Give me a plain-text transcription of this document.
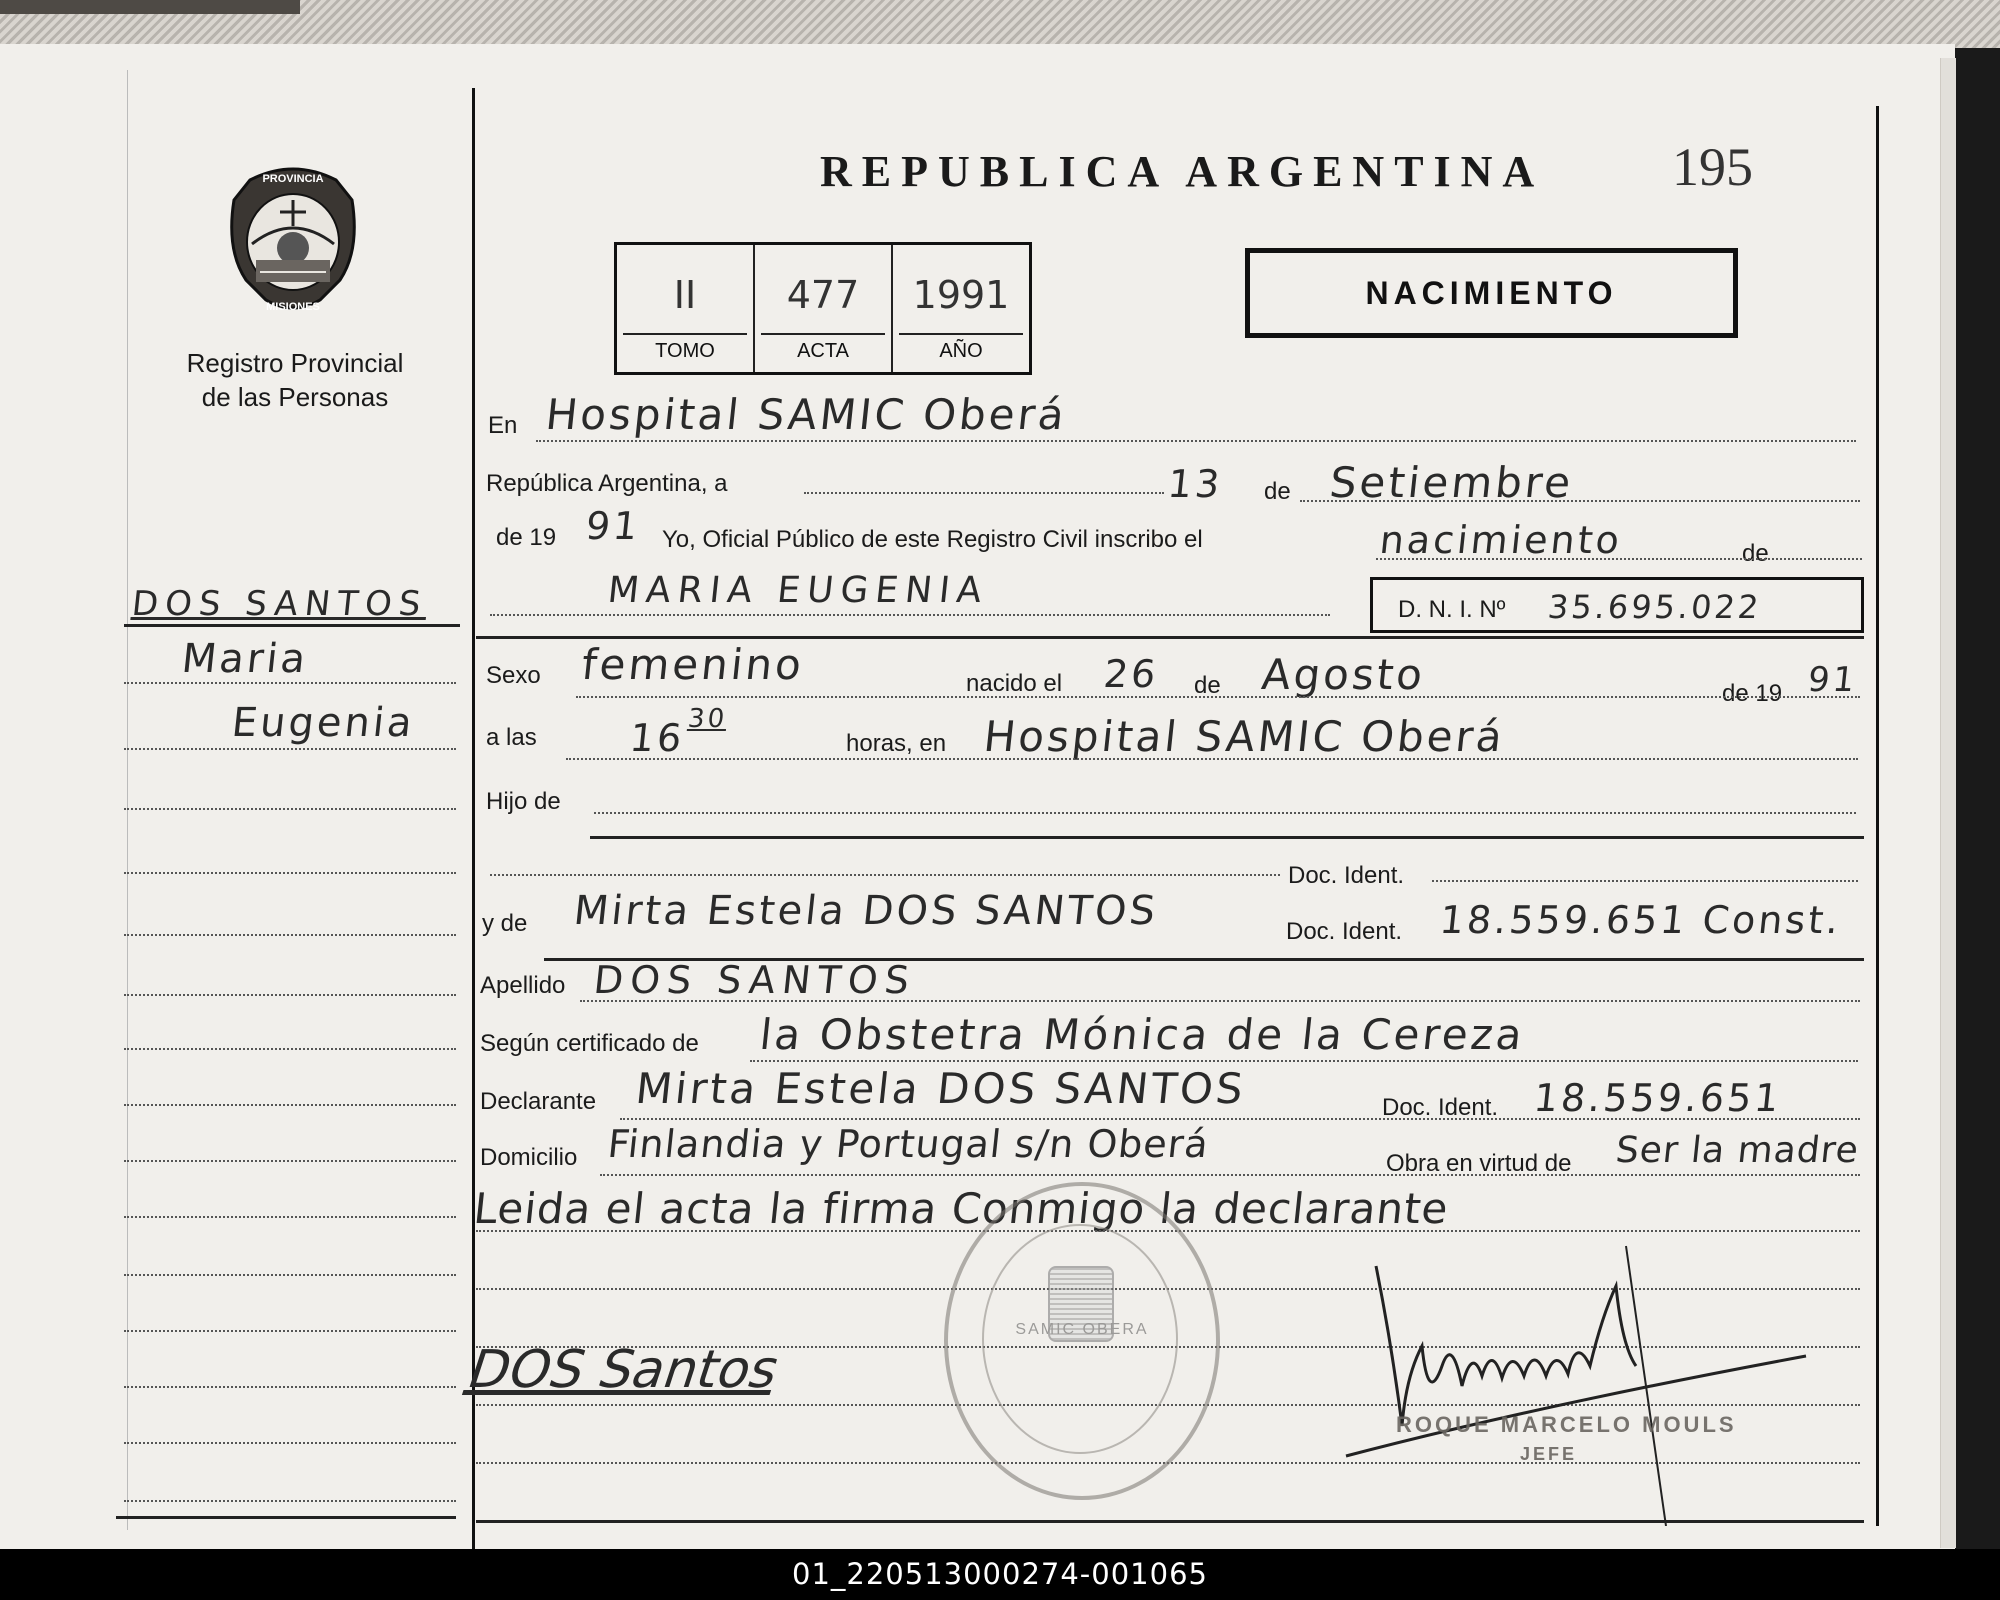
PROVINCIA
MISIONES
Registro Provincial
de las Personas
REPUBLICA ARGENTINA 195
NACIMIENTO
II
TOMO
477
ACTA
1991
AÑO
DOS SANTOS
Maria
Eugenia
En Hospital SAMIC Oberá
República Argentina, a	13 de Setiembre
de 19 91 Yo, Oficial Público de este Registro Civil inscribo el	nacimiento	de
MARIA EUGENIA	D. N. I. Nº 35.695.022
Sexo femenino	nacido el 26 de Agosto	de 19 91
a las 16 30
horas, en Hospital SAMIC Oberá
Hijo de
Doc. Ident.
y de Mirta Estela DOS SANTOS	Doc. Ident. 18.559.651 Const.
Apellido DOS SANTOS
Según certificado de la Obstetra Mónica de la Cereza
Declarante Mirta Estela DOS SANTOS	Doc. Ident. 18.559.651
Domicilio Finlandia y Portugal s/n Oberá	Obra en virtud de Ser la madre
Leida el acta la firma Conmigo la declarante
SAMIC OBERA
DOS Santos
ROQUE MARCELO MOULS
JEFE
01_220513000274-001065
